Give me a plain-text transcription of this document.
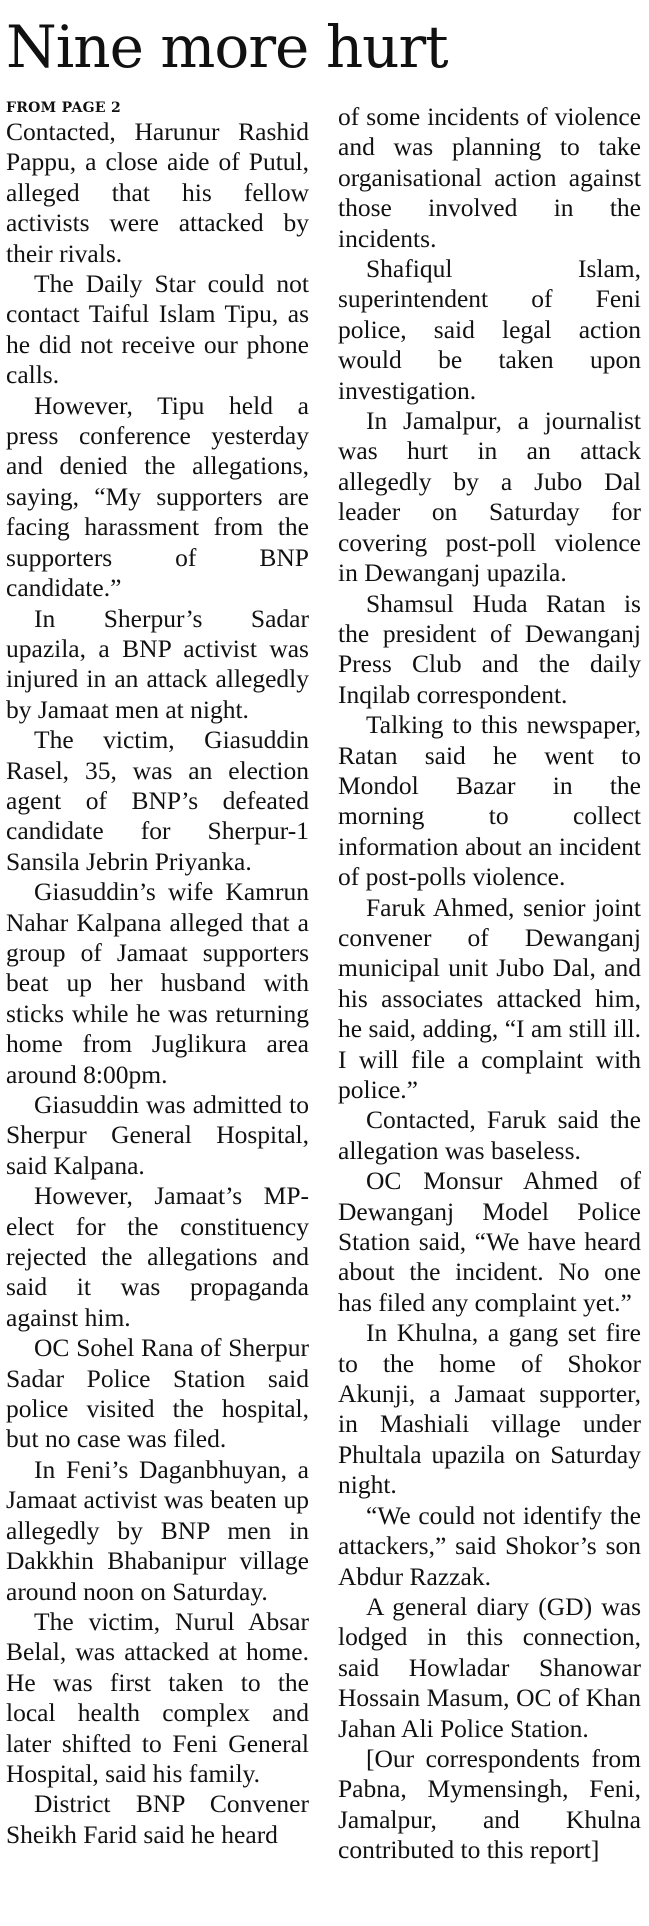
Nine more hurt
FROM PAGE 2

Contacted, Harunur Rashid Pappu, a close aide of Putul, alleged that his fellow activists were attacked by their rivals.

The Daily Star could not contact Taiful Islam Tipu, as he did not receive our phone calls.

However, Tipu held a press conference yesterday and denied the allegations, saying, “My supporters are facing harassment from the supporters of BNP candidate.”

In Sherpur’s Sadar upazila, a BNP activist was injured in an attack allegedly by Jamaat men at night.

The victim, Giasuddin Rasel, 35, was an election agent of BNP’s defeated candidate for Sherpur-1 Sansila Jebrin Priyanka.

Giasuddin’s wife Kamrun Nahar Kalpana alleged that a group of Jamaat supporters beat up her husband with sticks while he was returning home from Juglikura area around 8:00pm.

Giasuddin was admitted to Sherpur General Hospital, said Kalpana.

However, Jamaat’s MP-elect for the constituency rejected the allegations and said it was propaganda against him.

OC Sohel Rana of Sherpur Sadar Police Station said police visited the hospital, but no case was filed.

In Feni’s Daganbhuyan, a Jamaat activist was beaten up allegedly by BNP men in Dakkhin Bhabanipur village around noon on Saturday.

The victim, Nurul Absar Belal, was attacked at home. He was first taken to the local health complex and later shifted to Feni General Hospital, said his family.

District BNP Convener Sheikh Farid said he heard

of some incidents of violence and was planning to take organisational action against those involved in the incidents.

Shafiqul Islam, superintendent of Feni police, said legal action would be taken upon investigation.

In Jamalpur, a journalist was hurt in an attack allegedly by a Jubo Dal leader on Saturday for covering post-poll violence in Dewanganj upazila.

Shamsul Huda Ratan is the president of Dewanganj Press Club and the daily Inqilab correspondent.

Talking to this newspaper, Ratan said he went to Mondol Bazar in the morning to collect information about an incident of post-polls violence.

Faruk Ahmed, senior joint convener of Dewanganj municipal unit Jubo Dal, and his associates attacked him, he said, adding, “I am still ill. I will file a complaint with police.”

Contacted, Faruk said the allegation was baseless.

OC Monsur Ahmed of Dewanganj Model Police Station said, “We have heard about the incident. No one has filed any complaint yet.”

In Khulna, a gang set fire to the home of Shokor Akunji, a Jamaat supporter, in Mashiali village under Phultala upazila on Saturday night.

“We could not identify the attackers,” said Shokor’s son Abdur Razzak.

A general diary (GD) was lodged in this connection, said Howladar Shanowar Hossain Masum, OC of Khan Jahan Ali Police Station.

[Our correspondents from Pabna, Mymensingh, Feni, Jamalpur, and Khulna contributed to this report]
